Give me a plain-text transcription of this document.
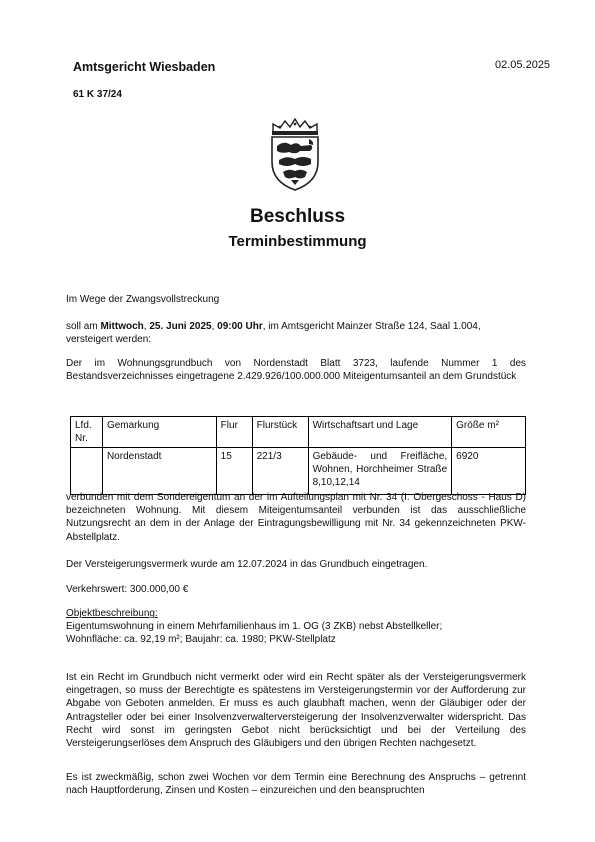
Amtsgericht Wiesbaden	02.05.2025
61 K 37/24
Beschluss
Terminbestimmung
Im Wege der Zwangsvollstreckung
soll am Mittwoch, 25. Juni 2025, 09:00 Uhr, im Amtsgericht Mainzer Straße 124, Saal 1.004,
versteigert werden:
Der im Wohnungsgrundbuch von Nordenstadt Blatt 3723, laufende Nummer 1 des Bestandsverzeichnisses eingetragene 2.429.926/100.000.000 Miteigentumsanteil an dem Grundstück
Lfd. Nr.	Gemarkung	Flur	Flurstück	Wirtschaftsart und Lage	Größe m²
	Nordenstadt	15	221/3	Gebäude- und Freifläche, Wohnen, Horchheimer Straße 8,10,12,14	6920
verbunden mit dem Sondereigentum an der im Aufteilungsplan mit Nr. 34 (I. Obergeschoss - Haus D) bezeichneten Wohnung. Mit diesem Miteigentumsanteil verbunden ist das ausschließliche Nutzungsrecht an dem in der Anlage der Eintragungsbewilligung mit Nr. 34 gekennzeichneten PKW-Abstellplatz.
Der Versteigerungsvermerk wurde am 12.07.2024 in das Grundbuch eingetragen.
Verkehrswert: 300.000,00 €
Objektbeschreibung:
Eigentumswohnung in einem Mehrfamilienhaus im 1. OG (3 ZKB) nebst Abstellkeller;
Wohnfläche: ca. 92,19 m²; Baujahr: ca. 1980; PKW-Stellplatz
Ist ein Recht im Grundbuch nicht vermerkt oder wird ein Recht später als der Versteigerungsvermerk eingetragen, so muss der Berechtigte es spätestens im Versteigerungstermin vor der Aufforderung zur Abgabe von Geboten anmelden. Er muss es auch glaubhaft machen, wenn der Gläubiger oder der Antragsteller oder bei einer Insolvenzverwalterversteigerung der Insolvenzverwalter widerspricht. Das Recht wird sonst im geringsten Gebot nicht berücksichtigt und bei der Verteilung des Versteigerungserlöses dem Anspruch des Gläubigers und den übrigen Rechten nachgesetzt.
Es ist zweckmäßig, schon zwei Wochen vor dem Termin eine Berechnung des Anspruchs – getrennt nach Hauptforderung, Zinsen und Kosten – einzureichen und den beanspruchten
